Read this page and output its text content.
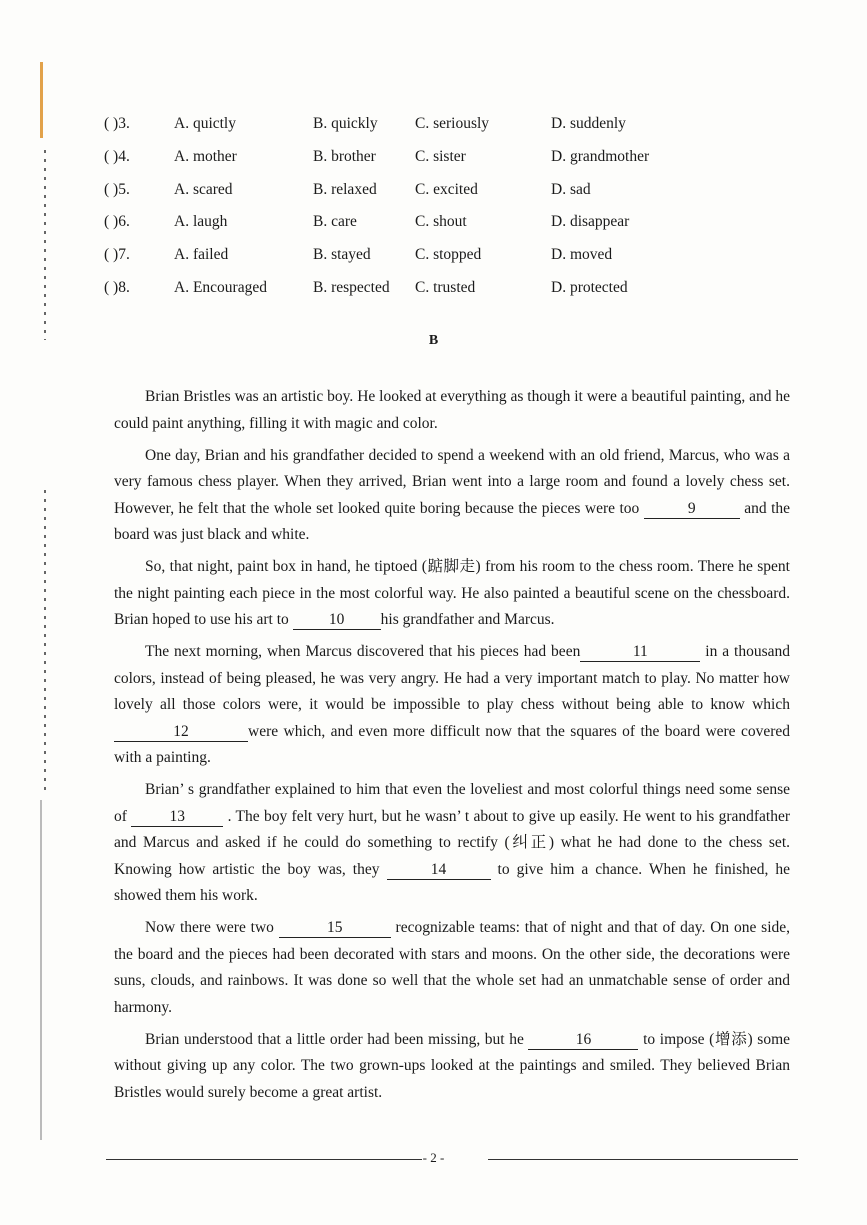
( )3.	A. quictly	B. quickly C. seriously	D. suddenly
( )4.	A. mother	B. brother	C. sister	D. grandmother
( )5.	A. scared	B. relaxed C. excited	D. sad
( )6.	A. laugh	B. care	C. shout	D. disappear
( )7.	A. failed	B. stayed	C. stopped	D. moved
( )8.	A. Encouraged	B. respected C. trusted	D. protected
B

Brian Bristles was an artistic boy. He looked at everything as though it were a beautiful painting, and he could paint anything, filling it with magic and color.

One day, Brian and his grandfather decided to spend a weekend with an old friend, Marcus, who was a very famous chess player. When they arrived, Brian went into a large room and found a lovely chess set. However, he felt that the whole set looked quite boring because the pieces were too	9	and the board was just black and white.

So, that night, paint box in hand, he tiptoed (踮脚走) from his room to the chess room. There he spent the night painting each piece in the most colorful way. He also painted a beautiful scene on the chessboard. Brian hoped to use his art to	10 his grandfather and Marcus.

The next morning, when Marcus discovered that his pieces had been	11	in a thousand colors, instead of being pleased, he was very angry. He had a very important match to play. No matter how lovely all those colors were, it would be impossible to play chess without being able to know which12	were which, and even more difficult now that the squares of the board were covered with a painting.

Brian’ s grandfather explained to him that even the loveliest and most colorful things need some sense of	13	. The boy felt very hurt, but he wasn’ t about to give up easily. He went to his grandfather and Marcus and asked if he could do something to rectify (纠正) what he had done to the chess set. Knowing how artistic the boy was, they	14	to give him a chance. When he finished, he showed them his work.

Now there were two	15	recognizable teams: that of night and that of day. On one side, the board and the pieces had been decorated with stars and moons. On the other side, the decorations were suns, clouds, and rainbows. It was done so well that the whole set had an unmatchable sense of order and harmony.

Brian understood that a little order had been missing, but he	16	to impose (增添) some without giving up any color. The two grown-ups looked at the paintings and smiled. They believed Brian Bristles would surely become a great artist.

- 2 -
